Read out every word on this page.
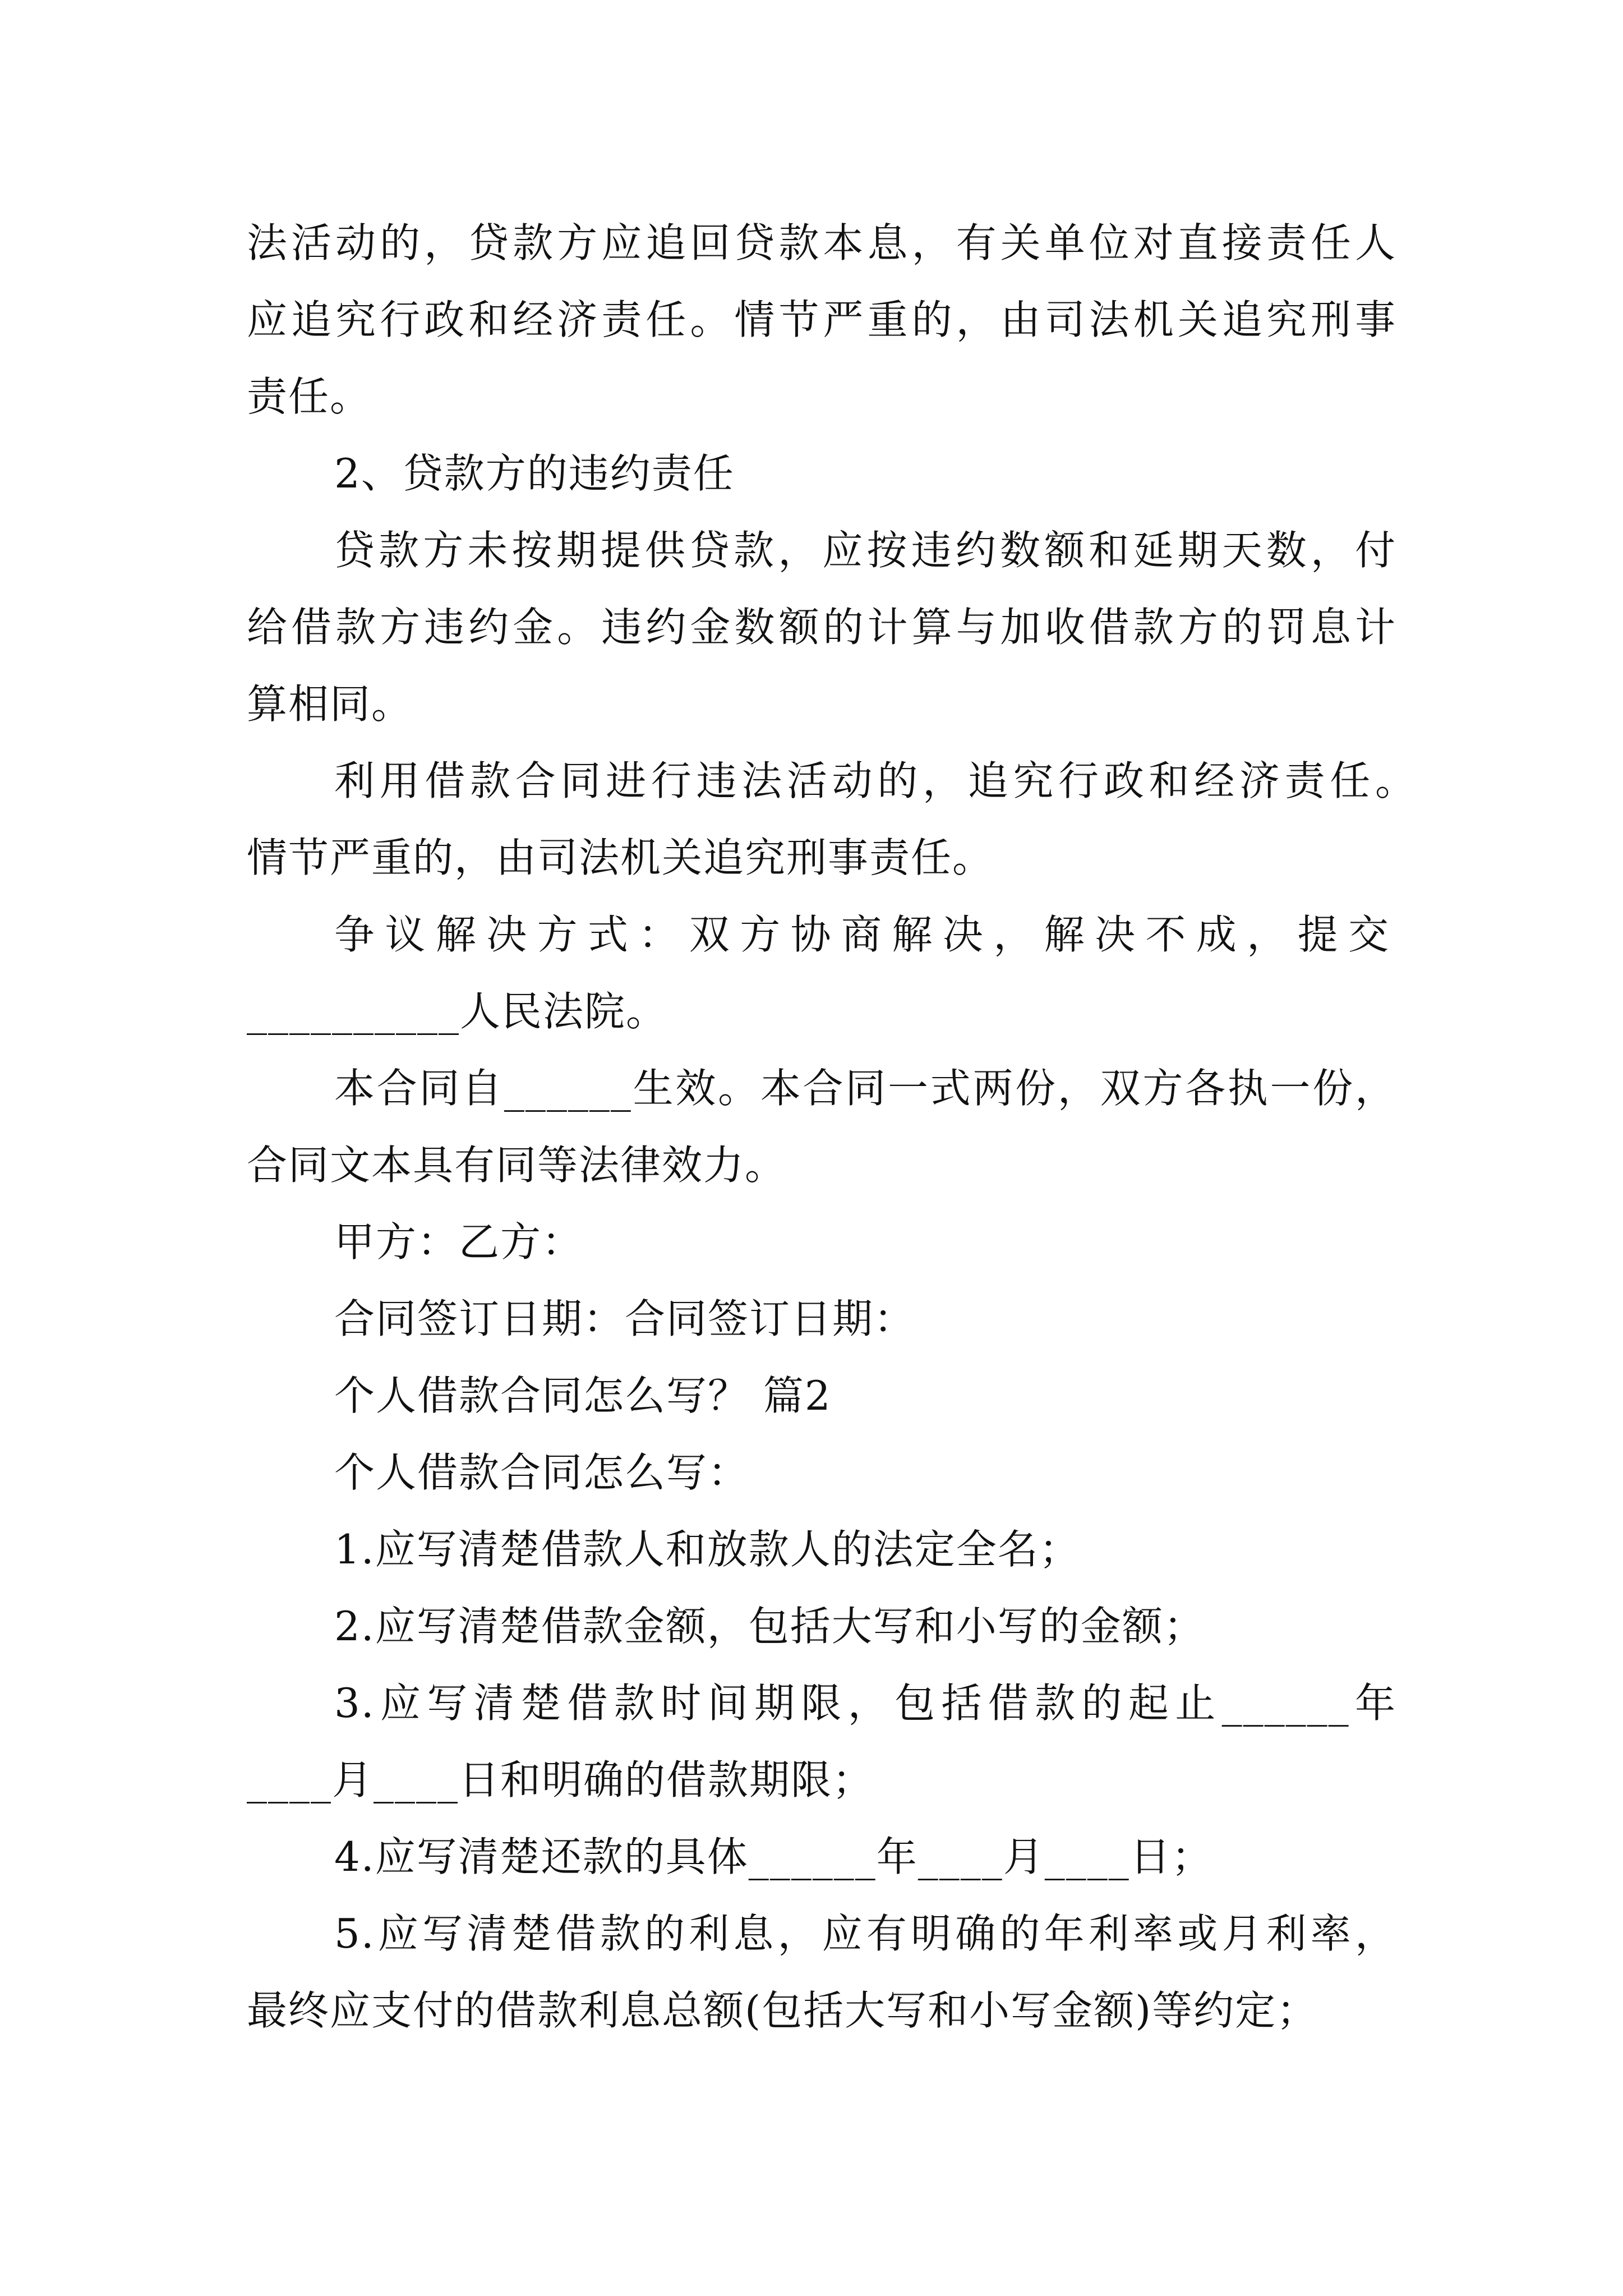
法活动的，贷款方应追回贷款本息，有关单位对直接责任人
应追究行政和经济责任。情节严重的，由司法机关追究刑事
责任。
2、贷款方的违约责任
贷款方未按期提供贷款，应按违约数额和延期天数，付
给借款方违约金。违约金数额的计算与加收借款方的罚息计
算相同。
利用借款合同进行违法活动的，追究行政和经济责任。
情节严重的，由司法机关追究刑事责任。
争议解决方式：双方协商解决，解决不成，提交
__________人民法院。
本合同自______生效。本合同一式两份，双方各执一份，
合同文本具有同等法律效力。
甲方：乙方：
合同签订日期：合同签订日期：
个人借款合同怎么写？ 篇2
个人借款合同怎么写：
1.应写清楚借款人和放款人的法定全名；
2.应写清楚借款金额，包括大写和小写的金额；
3.应写清楚借款时间期限，包括借款的起止______年
____月____日和明确的借款期限；
4.应写清楚还款的具体______年____月____日；
5.应写清楚借款的利息，应有明确的年利率或月利率，
最终应支付的借款利息总额(包括大写和小写金额)等约定；
